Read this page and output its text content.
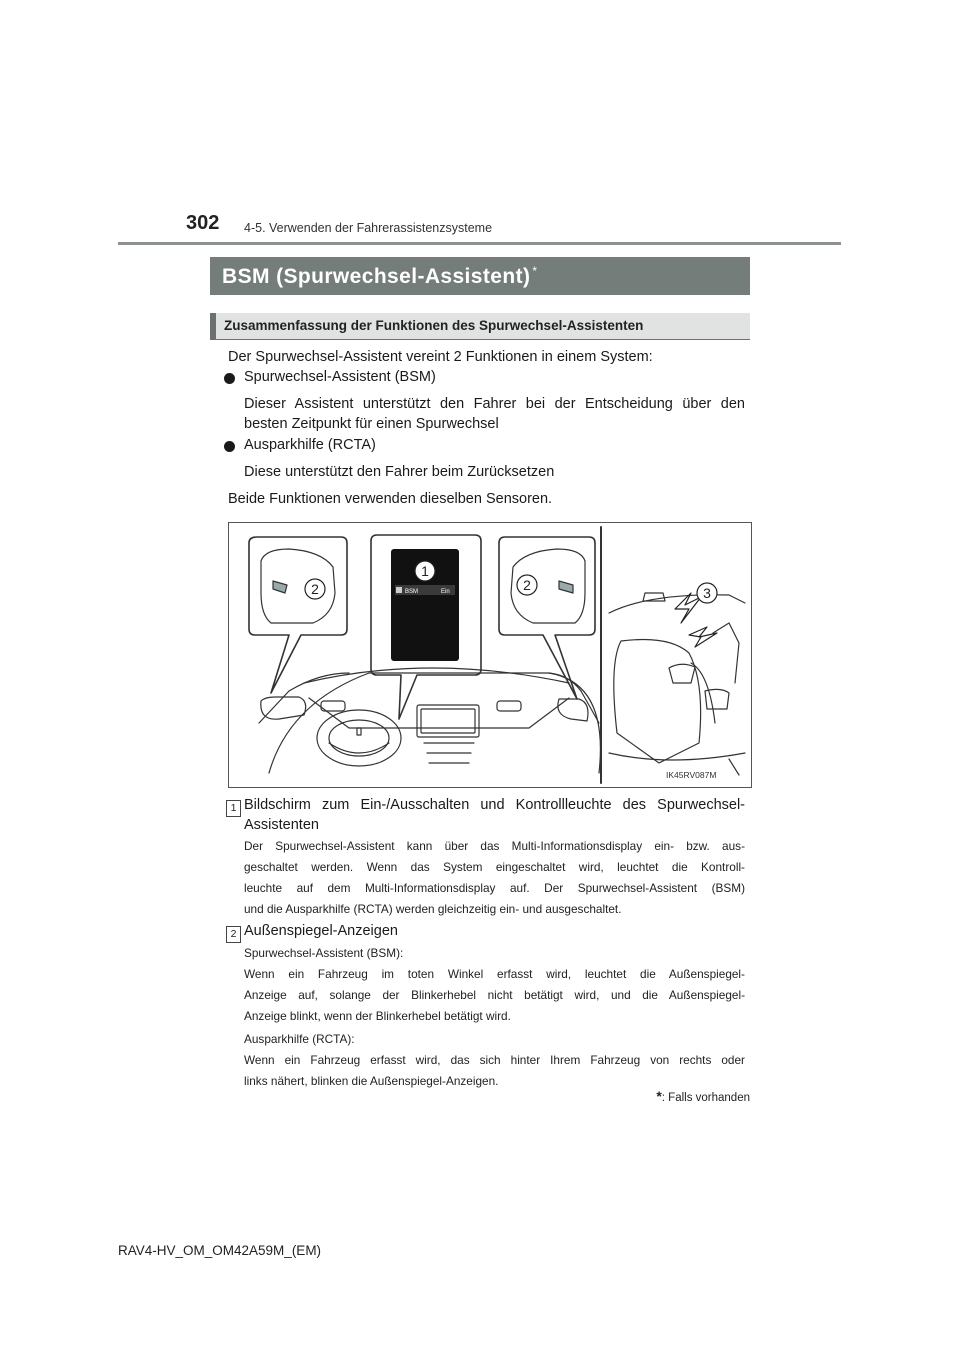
302 4-5. Verwenden der Fahrerassistenzsysteme
BSM (Spurwechsel-Assistent) *
Zusammenfassung der Funktionen des Spurwechsel-Assistenten
Der Spurwechsel-Assistent vereint 2 Funktionen in einem System:
Spurwechsel-Assistent (BSM)
Dieser Assistent unterstützt den Fahrer bei der Entscheidung über den
besten Zeitpunkt für einen Spurwechsel
Ausparkhilfe (RCTA)
Diese unterstützt den Fahrer beim Zurücksetzen
Beide Funktionen verwenden dieselben Sensoren.
BSM	Ein
1
2	2	3
IK45RV087M
1 Bildschirm zum Ein-/Ausschalten und Kontrollleuchte des Spurwechsel-
Assistenten
Der Spurwechsel-Assistent kann über das Multi-Informationsdisplay ein- bzw. aus-
geschaltet werden. Wenn das System eingeschaltet wird, leuchtet die Kontroll-
leuchte auf dem Multi-Informationsdisplay auf. Der Spurwechsel-Assistent (BSM)
und die Ausparkhilfe (RCTA) werden gleichzeitig ein- und ausgeschaltet.
2 Außenspiegel-Anzeigen
Spurwechsel-Assistent (BSM):
Wenn ein Fahrzeug im toten Winkel erfasst wird, leuchtet die Außenspiegel-
Anzeige auf, solange der Blinkerhebel nicht betätigt wird, und die Außenspiegel-
Anzeige blinkt, wenn der Blinkerhebel betätigt wird.
Ausparkhilfe (RCTA):
Wenn ein Fahrzeug erfasst wird, das sich hinter Ihrem Fahrzeug von rechts oder
links nähert, blinken die Außenspiegel-Anzeigen.
*: Falls vorhanden
RAV4-HV_OM_OM42A59M_(EM)
